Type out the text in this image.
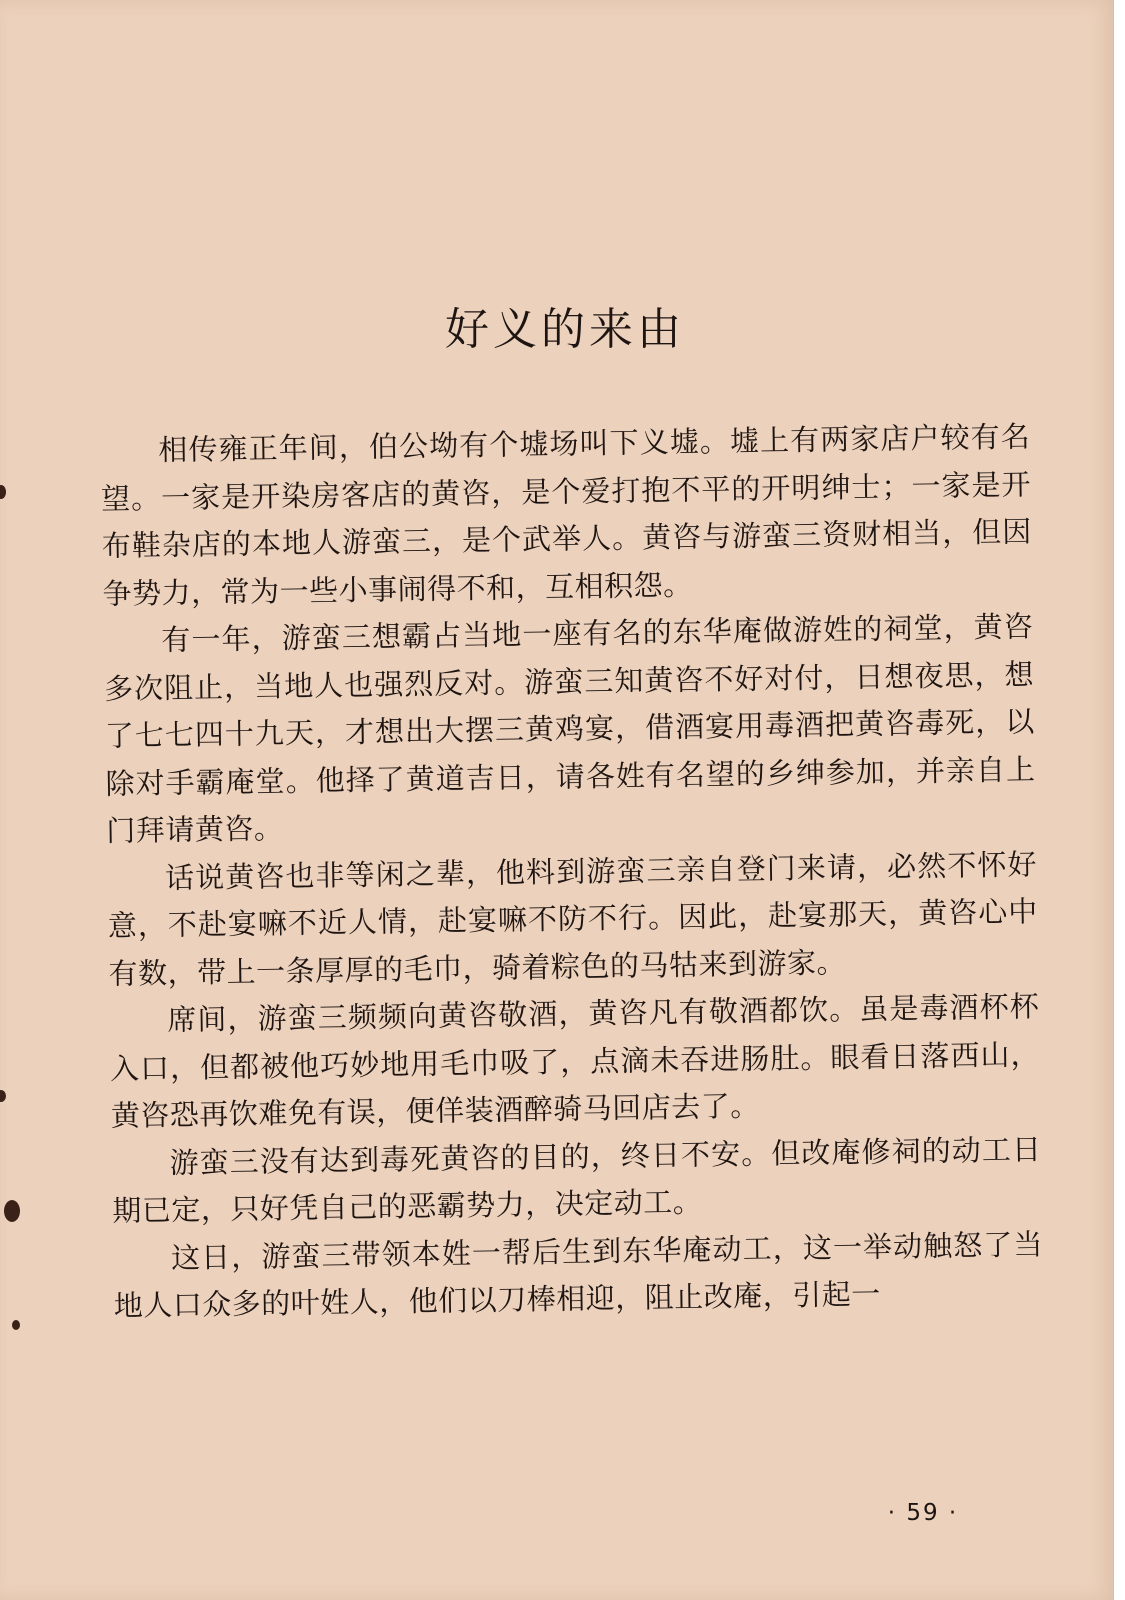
好义的来由

相传雍正年间，伯公坳有个墟场叫下义墟。墟上有两家店户较有名望。一家是开染房客店的黄咨，是个爱打抱不平的开明绅士；一家是开布鞋杂店的本地人游蛮三，是个武举人。黄咨与游蛮三资财相当，但因争势力，常为一些小事闹得不和，互相积怨。

有一年，游蛮三想霸占当地一座有名的东华庵做游姓的祠堂，黄咨多次阻止，当地人也强烈反对。游蛮三知黄咨不好对付，日想夜思，想了七七四十九天，才想出大摆三黄鸡宴，借酒宴用毒酒把黄咨毒死，以除对手霸庵堂。他择了黄道吉日，请各姓有名望的乡绅参加，并亲自上门拜请黄咨。

话说黄咨也非等闲之辈，他料到游蛮三亲自登门来请，必然不怀好意，不赴宴嘛不近人情，赴宴嘛不防不行。因此，赴宴那天，黄咨心中有数，带上一条厚厚的毛巾，骑着粽色的马牯来到游家。

席间，游蛮三频频向黄咨敬酒，黄咨凡有敬酒都饮。虽是毒酒杯杯入口，但都被他巧妙地用毛巾吸了，点滴未吞进肠肚。眼看日落西山，黄咨恐再饮难免有误，便佯装酒醉骑马回店去了。

游蛮三没有达到毒死黄咨的目的，终日不安。但改庵修祠的动工日期已定，只好凭自己的恶霸势力，决定动工。

这日，游蛮三带领本姓一帮后生到东华庵动工，这一举动触怒了当地人口众多的叶姓人，他们以刀棒相迎，阻止改庵，引起一

· 59 ·
